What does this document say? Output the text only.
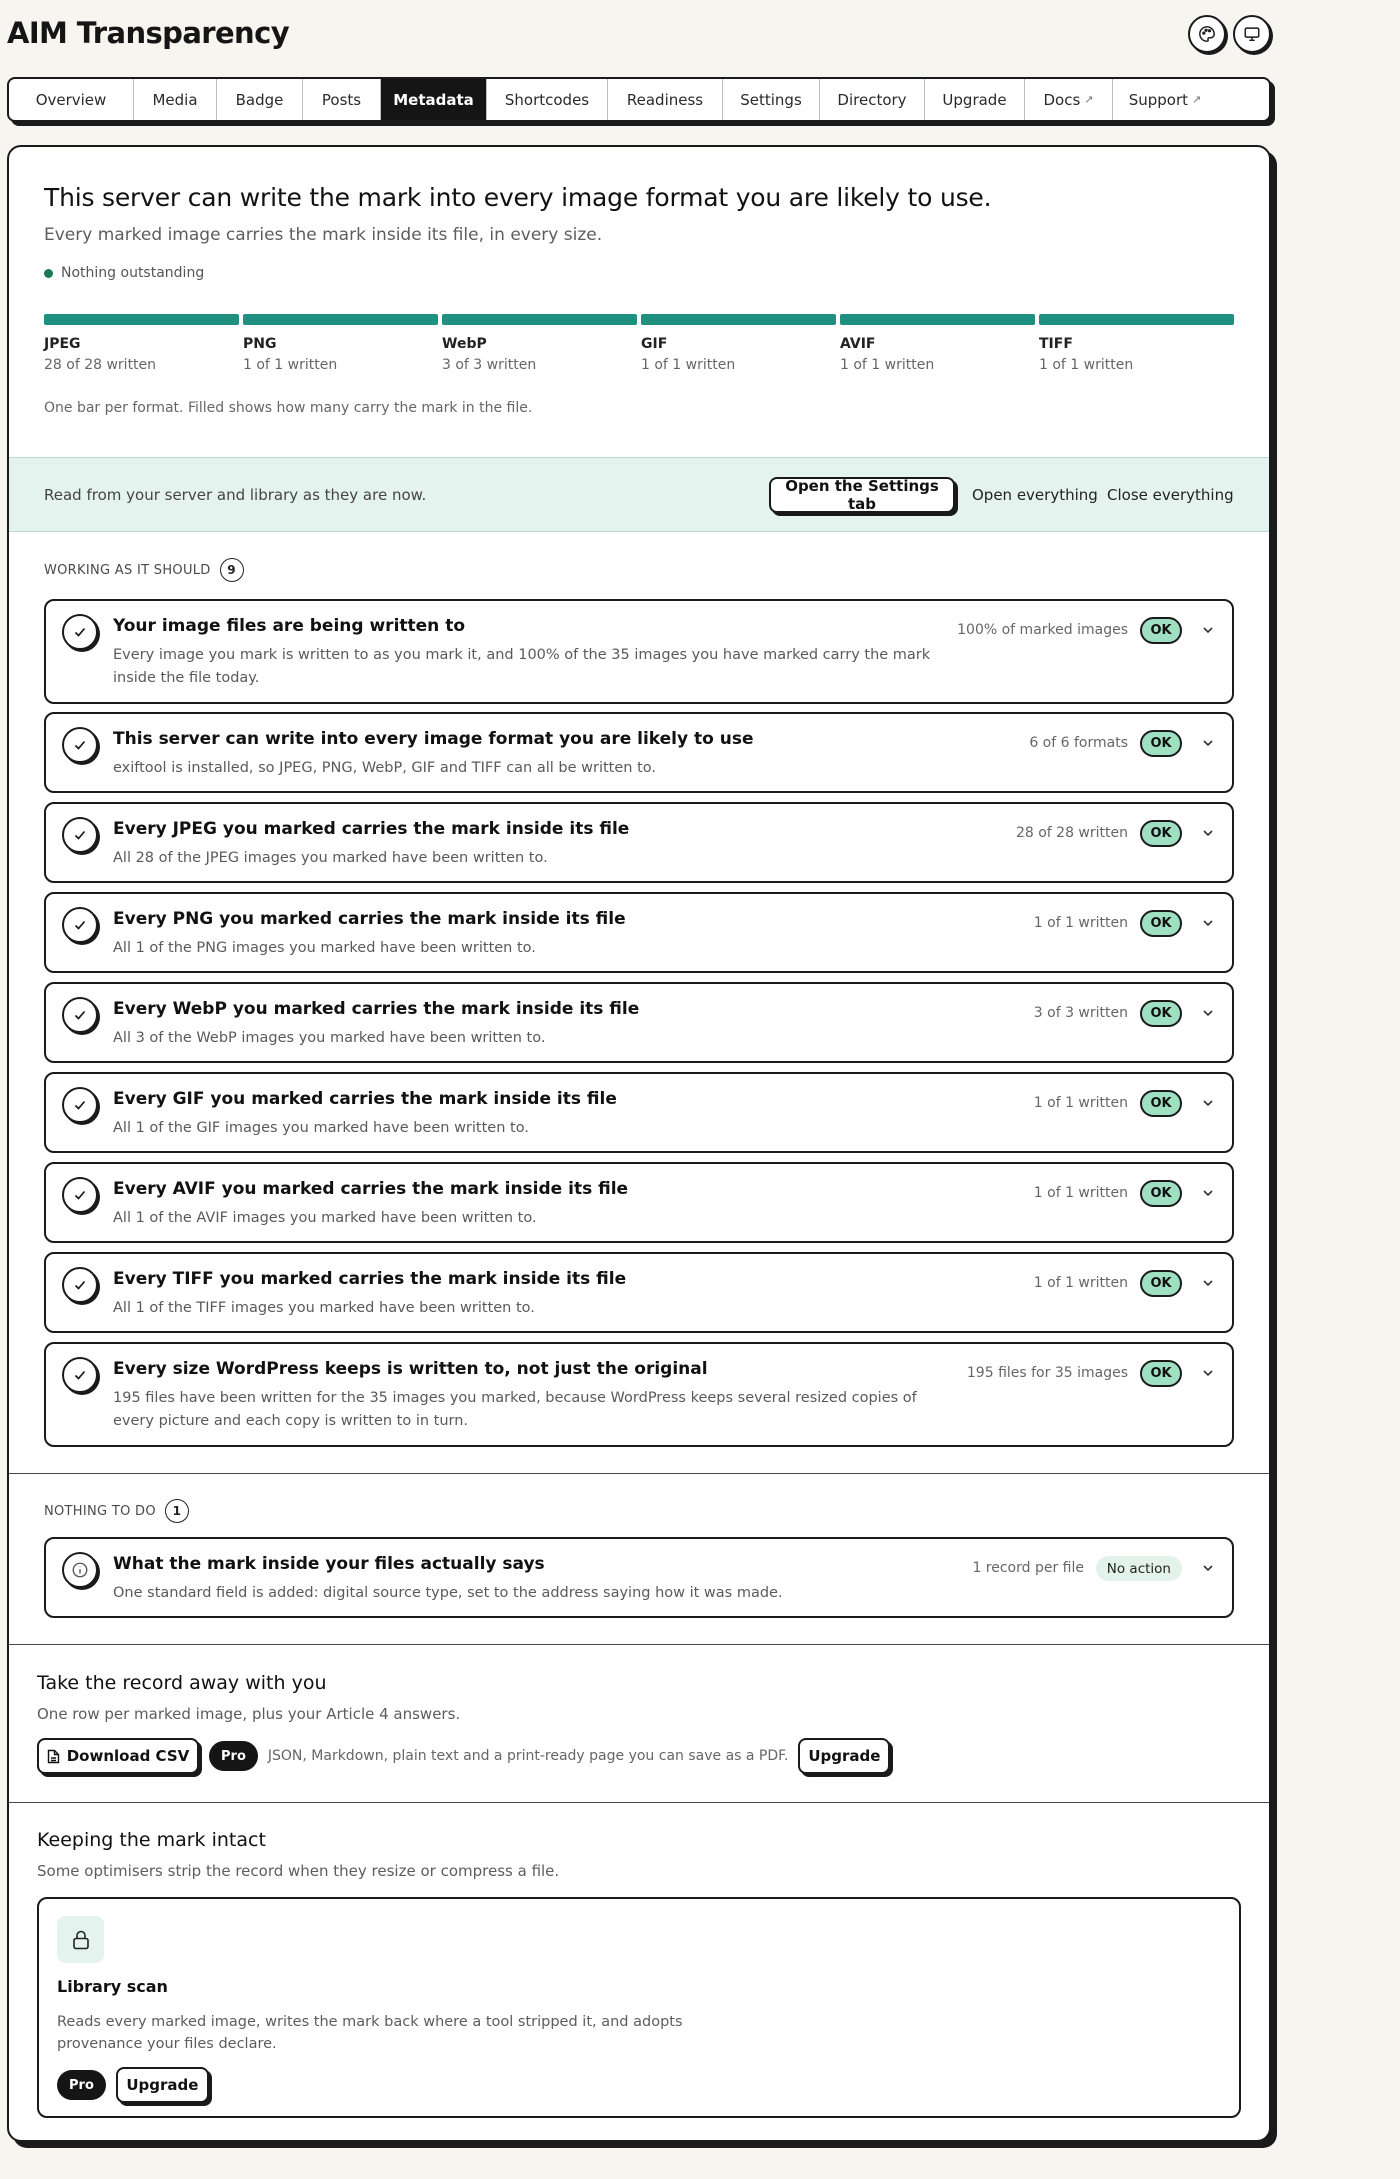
AIM Transparency
Overview	Media	Badge	Posts Metadata Shortcodes	Readiness Settings Directory Upgrade Docs ↗ Support ↗
This server can write the mark into every image format you are likely to use.
Every marked image carries the mark inside its file, in every size.
Nothing outstanding
JPEG
28 of 28 written
PNG
1 of 1 written
WebP
3 of 3 written
GIF
1 of 1 written
AVIF
1 of 1 written
TIFF
1 of 1 written
One bar per format. Filled shows how many carry the mark in the file.
Read from your server and library as they are now.	Open the Settings tab	Open everything Close everything
WORKING AS IT SHOULD	9
Your image files are being written to
Every image you mark is written to as you mark it, and 100% of the 35 images you have marked carry the mark inside the file today.
100% of marked images	OK
This server can write into every image format you are likely to use
exiftool is installed, so JPEG, PNG, WebP, GIF and TIFF can all be written to.
6 of 6 formats	OK
Every JPEG you marked carries the mark inside its file
All 28 of the JPEG images you marked have been written to.
28 of 28 written	OK
Every PNG you marked carries the mark inside its file
All 1 of the PNG images you marked have been written to.
1 of 1 written	OK
Every WebP you marked carries the mark inside its file
All 3 of the WebP images you marked have been written to.
3 of 3 written	OK
Every GIF you marked carries the mark inside its file
All 1 of the GIF images you marked have been written to.
1 of 1 written	OK
Every AVIF you marked carries the mark inside its file
All 1 of the AVIF images you marked have been written to.
1 of 1 written	OK
Every TIFF you marked carries the mark inside its file
All 1 of the TIFF images you marked have been written to.
1 of 1 written	OK
Every size WordPress keeps is written to, not just the original
195 files have been written for the 35 images you marked, because WordPress keeps several resized copies of every picture and each copy is written to in turn.
195 files for 35 images	OK
NOTHING TO DO	1
What the mark inside your files actually says
One standard field is added: digital source type, set to the address saying how it was made.
1 record per file	No action
Take the record away with you
One row per marked image, plus your Article 4 answers.
Download CSV	Pro	JSON, Markdown, plain text and a print-ready page you can save as a PDF.	Upgrade
Keeping the mark intact
Some optimisers strip the record when they resize or compress a file.
Library scan
Reads every marked image, writes the mark back where a tool stripped it, and adopts provenance your files declare.
Pro	Upgrade
